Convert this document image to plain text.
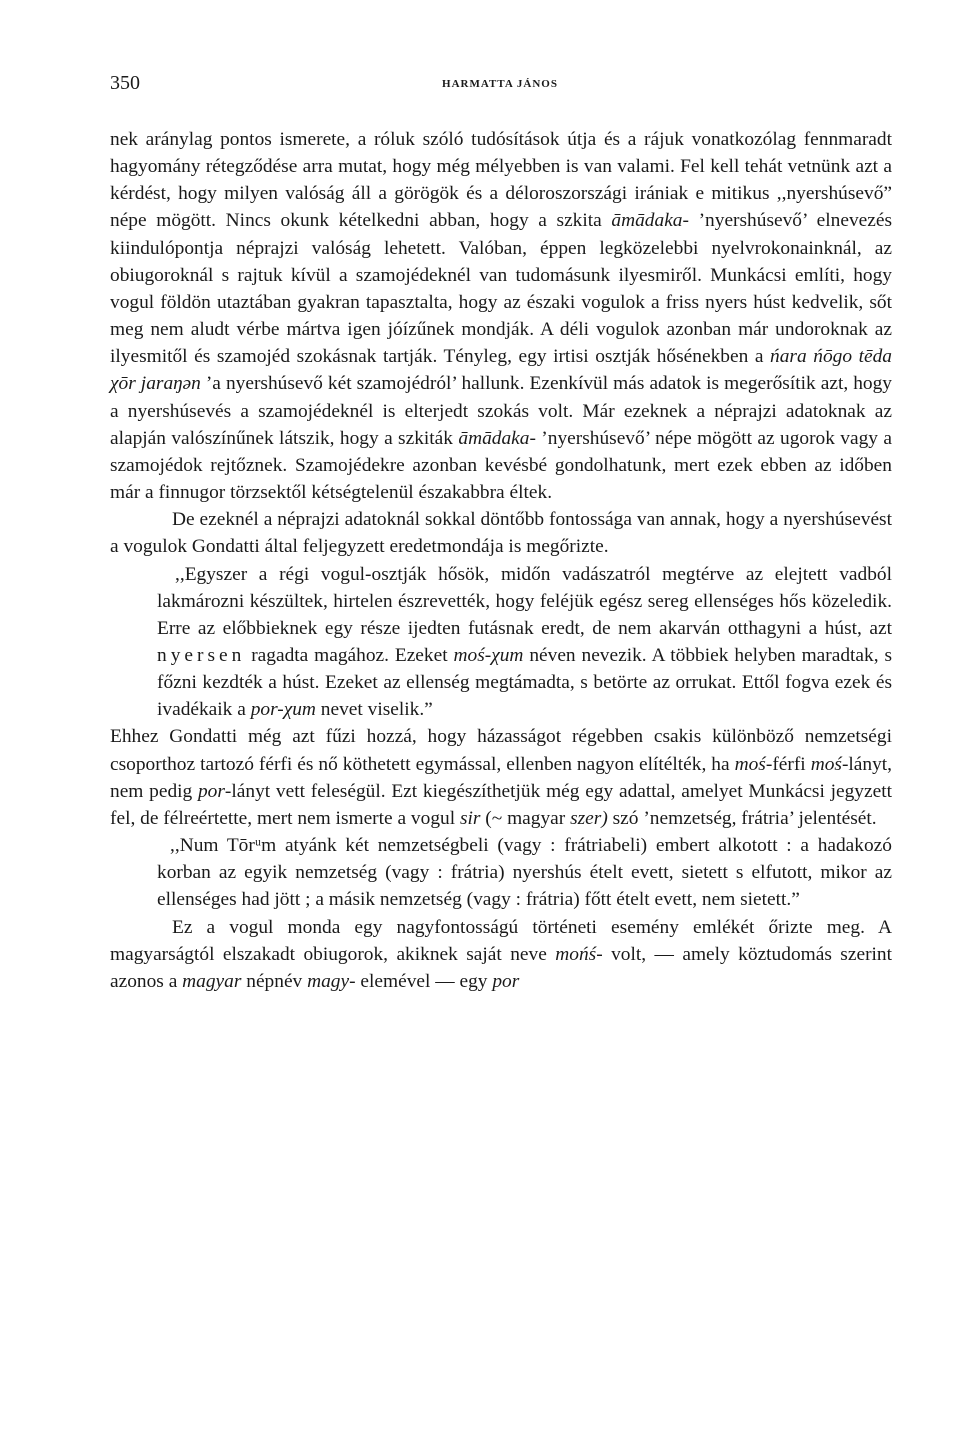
350	HARMATTA JÁNOS

nek aránylag pontos ismerete, a róluk szóló tudósítások útja és a rájuk vonatkozólag fennmaradt hagyomány rétegződése arra mutat, hogy még mélyebben is van valami. Fel kell tehát vetnünk azt a kérdést, hogy milyen valóság áll a görögök és a déloroszországi irániak e mitikus ,,nyershúsevő” népe mögött. Nincs okunk kételkedni abban, hogy a szkita āmādaka- ’nyershúsevő’ elnevezés kiindulópontja néprajzi valóság lehetett. Valóban, éppen legközelebbi nyelvrokonainknál, az obiugoroknál s rajtuk kívül a szamojédeknél van tudomásunk ilyesmiről. Munkácsi említi, hogy vogul földön utaztában gyakran tapasztalta, hogy az északi vogulok a friss nyers húst kedvelik, sőt meg nem aludt vérbe mártva igen jóízűnek mondják. A déli vogulok azonban már undoroknak az ilyesmitől és szamojéd szokásnak tartják. Tényleg, egy irtisi osztják hősénekben a ńara ńōgo tēda χōr jaraŋən ’a nyershúsevő két szamojédról’ hallunk. Ezenkívül más adatok is megerősítik azt, hogy a nyershúsevés a szamojédeknél is elterjedt szokás volt. Már ezeknek a néprajzi adatoknak az alapján valószínűnek látszik, hogy a szkiták āmādaka- ’nyershúsevő’ népe mögött az ugorok vagy a szamojédok rejtőznek. Szamojédekre azonban kevésbé gondolhatunk, mert ezek ebben az időben már a finnugor törzsektől kétségtelenül északabbra éltek.

De ezeknél a néprajzi adatoknál sokkal döntőbb fontossága van annak, hogy a nyershúsevést a vogulok Gondatti által feljegyzett eredetmondája is megőrizte.

,,Egyszer a régi vogul-osztják hősök, midőn vadászatról megtérve az elejtett vadból lakmározni készültek, hirtelen észrevették, hogy feléjük egész sereg ellenséges hős közeledik. Erre az előbbieknek egy része ijedten futásnak eredt, de nem akarván otthagyni a húst, azt nyersen ragadta magához. Ezeket moś-χum néven nevezik. A többiek helyben maradtak, s főzni kezdték a húst. Ezeket az ellenség megtámadta, s betörte az orrukat. Ettől fogva ezek és ivadékaik a por-χum nevet viselik.”

Ehhez Gondatti még azt fűzi hozzá, hogy házasságot régebben csakis különböző nemzetségi csoporthoz tartozó férfi és nő köthetett egymással, ellenben nagyon elítélték, ha moś-férfi moś-lányt, nem pedig por-lányt vett feleségül. Ezt kiegészíthetjük még egy adattal, amelyet Munkácsi jegyzett fel, de félreértette, mert nem ismerte a vogul sir (~ magyar szer) szó ’nemzetség, frátria’ jelentését.

,,Num Tōrᵘm atyánk két nemzetségbeli (vagy : frátriabeli) embert alkotott : a hadakozó korban az egyik nemzetség (vagy : frátria) nyershús ételt evett, sietett s elfutott, mikor az ellenséges had jött ; a másik nemzetség (vagy : frátria) főtt ételt evett, nem sietett.”

Ez a vogul monda egy nagyfontosságú történeti esemény emlékét őrizte meg. A magyarságtól elszakadt obiugorok, akiknek saját neve mońś- volt, — amely köztudomás szerint azonos a magyar népnév magy- elemével — egy por
